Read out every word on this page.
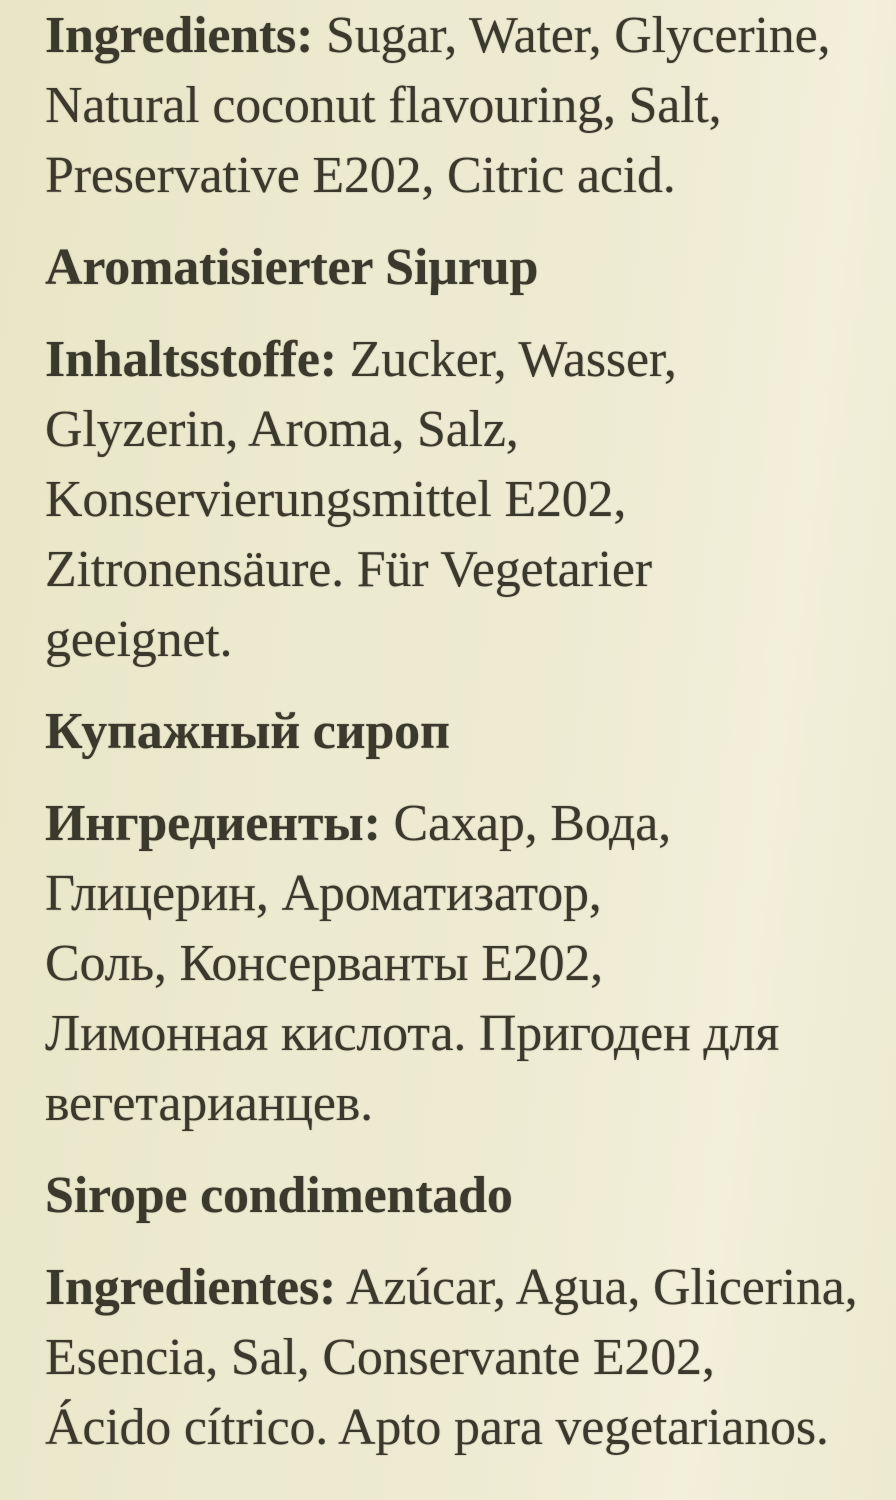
Ingredients: Sugar, Water, Glycerine,
Natural coconut flavouring, Salt,
Preservative E202, Citric acid.

Aromatisierter Siµrup

Inhaltsstoffe: Zucker, Wasser,
Glyzerin, Aroma, Salz,
Konservierungsmittel E202,
Zitronensäure. Für Vegetarier
geeignet.

Купажный сироп

Ингредиенты: Сахар, Вода,
Глицерин, Ароматизатор,
Соль, Консерванты Е202,
Лимонная кислота. Пригоден для
вегетарианцев.

Sirope condimentado

Ingredientes: Azúcar, Agua, Glicerina,
Esencia, Sal, Conservante E202,
Ácido cítrico. Apto para vegetarianos.
